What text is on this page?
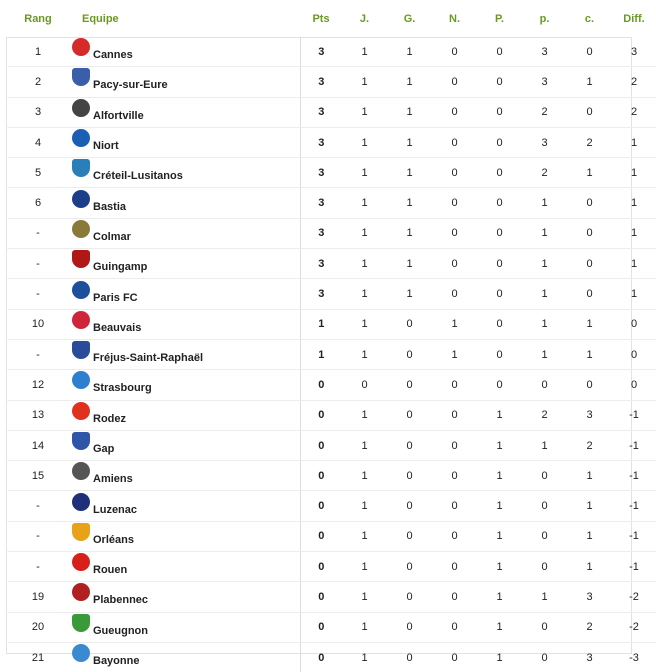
Rang	Equipe	Pts	J.	G.	N.	P.	p.	c.	Diff.
1	Cannes	3	1	1	0	0	3	0	3
2	Pacy-sur-Eure	3	1	1	0	0	3	1	2
3	Alfortville	3	1	1	0	0	2	0	2
4	Niort	3	1	1	0	0	3	2	1
5	Créteil-Lusitanos	3	1	1	0	0	2	1	1
6	Bastia	3	1	1	0	0	1	0	1
-	Colmar	3	1	1	0	0	1	0	1
-	Guingamp	3	1	1	0	0	1	0	1
-	Paris FC	3	1	1	0	0	1	0	1
10	Beauvais	1	1	0	1	0	1	1	0
-	Fréjus-Saint-Raphaël	1	1	0	1	0	1	1	0
12	Strasbourg	0	0	0	0	0	0	0	0
13	Rodez	0	1	0	0	1	2	3	-1
14	Gap	0	1	0	0	1	1	2	-1
15	Amiens	0	1	0	0	1	0	1	-1
-	Luzenac	0	1	0	0	1	0	1	-1
-	Orléans	0	1	0	0	1	0	1	-1
-	Rouen	0	1	0	0	1	0	1	-1
19	Plabennec	0	1	0	0	1	1	3	-2
20	Gueugnon	0	1	0	0	1	0	2	-2
21	Bayonne	0	1	0	0	1	0	3	-3
